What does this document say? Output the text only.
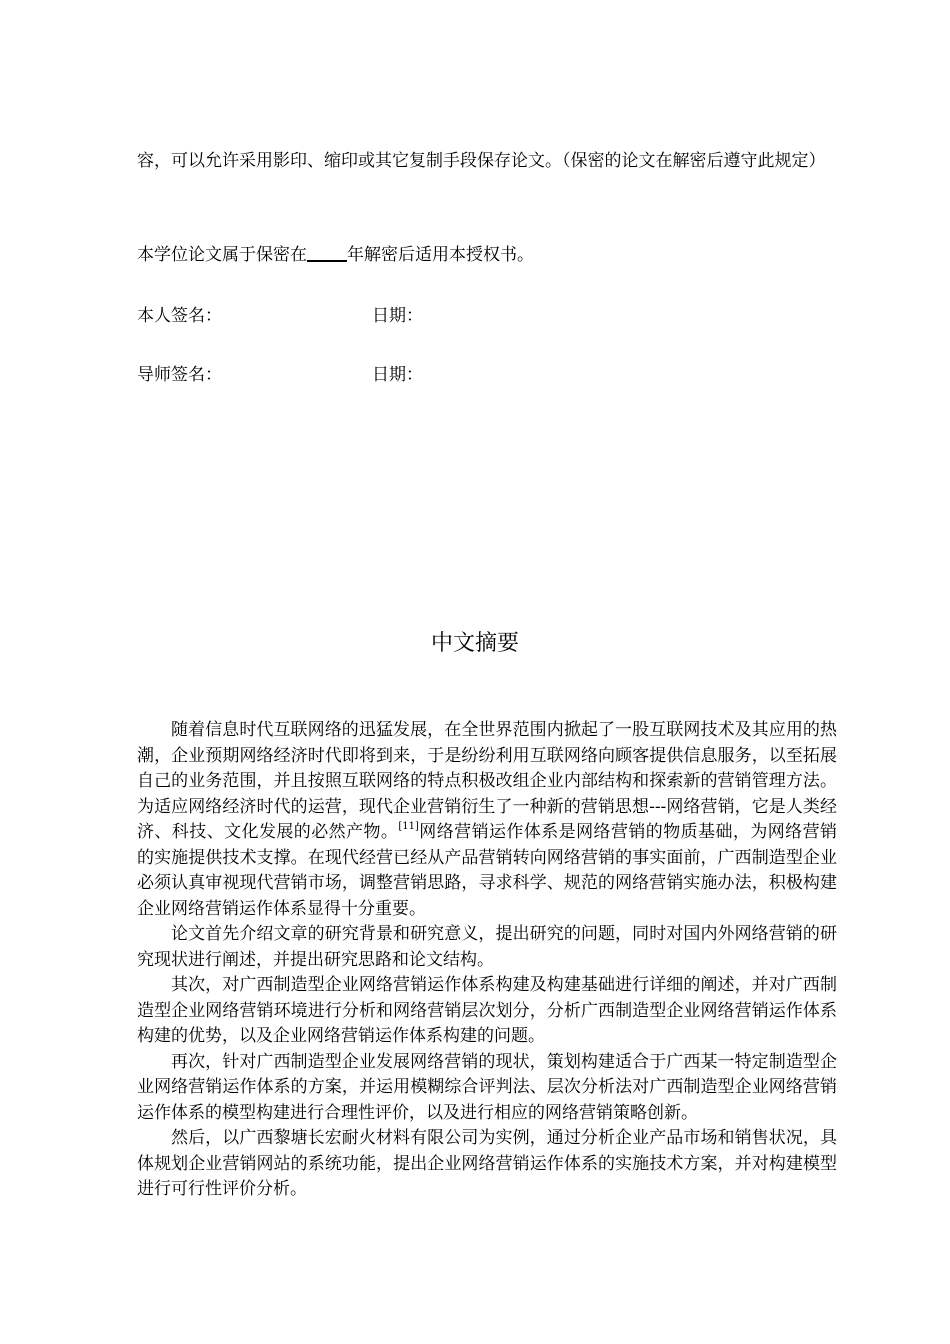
容，可以允许采用影印、缩印或其它复制手段保存论文。（保密的论文在解密后遵守此规定）

本学位论文属于保密在 年解密后适用本授权书。

本人签名：	日期：

导师签名：	日期：

中文摘要

随着信息时代互联网络的迅猛发展，在全世界范围内掀起了一股互联网技术及其应用的热潮，企业预期网络经济时代即将到来，于是纷纷利用互联网络向顾客提供信息服务，以至拓展自己的业务范围，并且按照互联网络的特点积极改组企业内部结构和探索新的营销管理方法。为适应网络经济时代的运营，现代企业营销衍生了一种新的营销思想---网络营销，它是人类经济、科技、文化发展的必然产物。[11]网络营销运作体系是网络营销的物质基础，为网络营销的实施提供技术支撑。在现代经营已经从产品营销转向网络营销的事实面前，广西制造型企业必须认真审视现代营销市场，调整营销思路，寻求科学、规范的网络营销实施办法，积极构建企业网络营销运作体系显得十分重要。

论文首先介绍文章的研究背景和研究意义，提出研究的问题，同时对国内外网络营销的研究现状进行阐述，并提出研究思路和论文结构。

其次，对广西制造型企业网络营销运作体系构建及构建基础进行详细的阐述，并对广西制造型企业网络营销环境进行分析和网络营销层次划分，分析广西制造型企业网络营销运作体系构建的优势，以及企业网络营销运作体系构建的问题。

再次，针对广西制造型企业发展网络营销的现状，策划构建适合于广西某一特定制造型企业网络营销运作体系的方案，并运用模糊综合评判法、层次分析法对广西制造型企业网络营销运作体系的模型构建进行合理性评价，以及进行相应的网络营销策略创新。

然后，以广西黎塘长宏耐火材料有限公司为实例，通过分析企业产品市场和销售状况，具体规划企业营销网站的系统功能，提出企业网络营销运作体系的实施技术方案，并对构建模型进行可行性评价分析。
